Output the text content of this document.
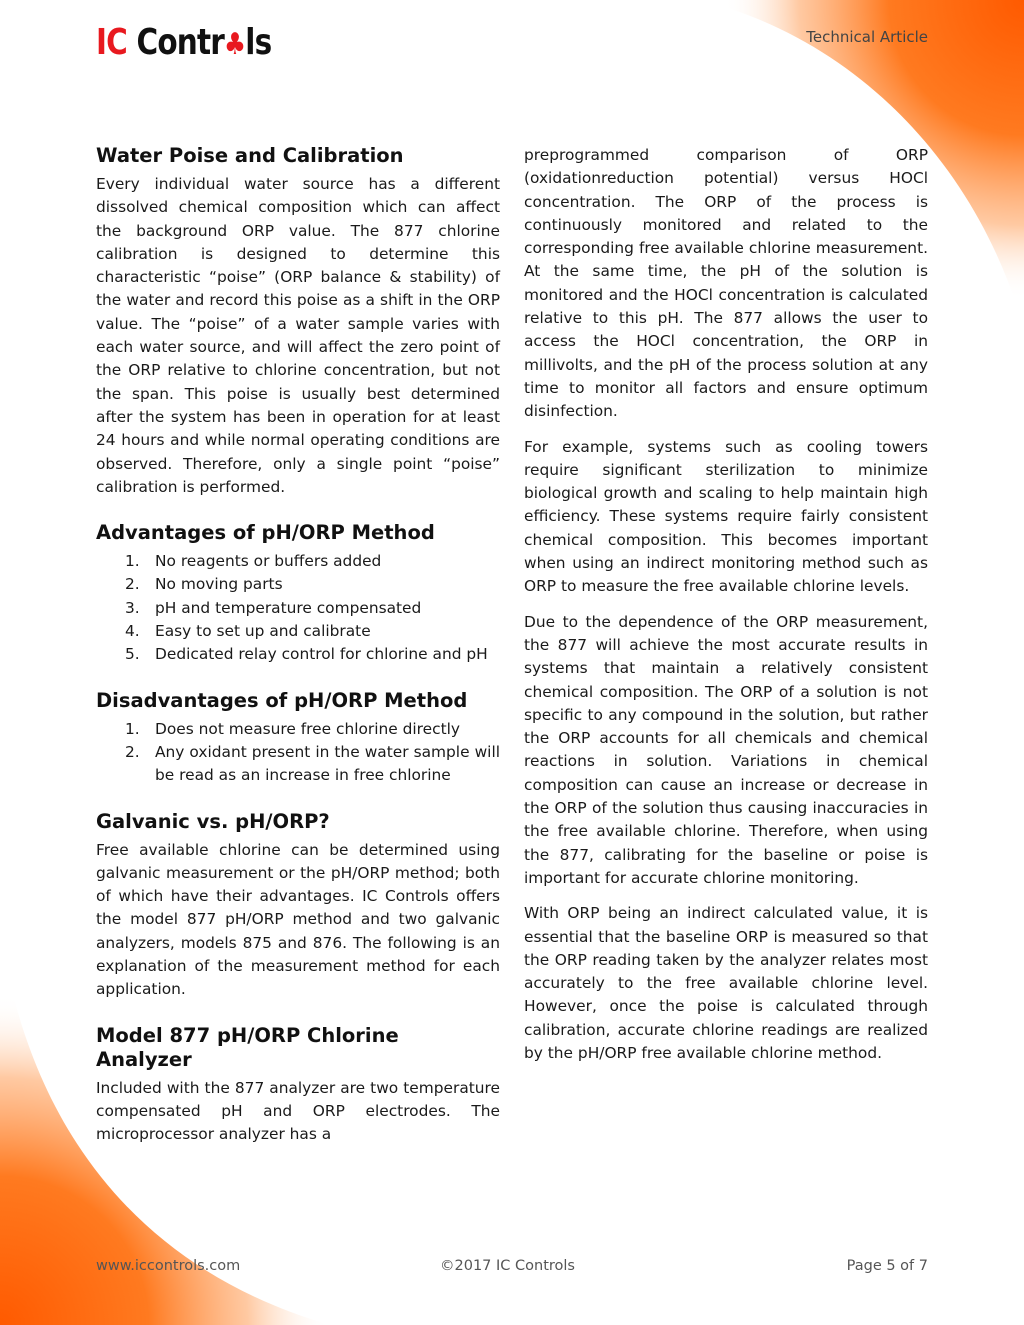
IC Contr♣ls	Technical Article
Water Poise and Calibration

Every individual water source has a different dissolved chemical composition which can affect the background ORP value. The 877 chlorine calibration is designed to determine this characteristic “poise” (ORP balance & stability) of the water and record this poise as a shift in the ORP value. The “poise” of a water sample varies with each water source, and will affect the zero point of the ORP relative to chlorine concentration, but not the span. This poise is usually best determined after the system has been in operation for at least 24 hours and while normal operating conditions are observed. Therefore, only a single point “poise” calibration is performed.

Advantages of pH/ORP Method
1. No reagents or buffers added
2. No moving parts
3. pH and temperature compensated
4. Easy to set up and calibrate
5. Dedicated relay control for chlorine and pH
Disadvantages of pH/ORP Method
1. Does not measure free chlorine directly
2. Any oxidant present in the water sample will be read as an increase in free chlorine
Galvanic vs. pH/ORP?

Free available chlorine can be determined using galvanic measurement or the pH/ORP method; both of which have their advantages. IC Controls offers the model 877 pH/ORP method and two galvanic analyzers, models 875 and 876. The following is an explanation of the measurement method for each application.

Model 877 pH/ORP Chlorine Analyzer

Included with the 877 analyzer are two temperature compensated pH and ORP electrodes. The microprocessor analyzer has a

preprogrammed comparison of ORP (oxidationreduction potential) versus HOCl concentration. The ORP of the process is continuously monitored and related to the corresponding free available chlorine measurement. At the same time, the pH of the solution is monitored and the HOCl concentration is calculated relative to this pH. The 877 allows the user to access the HOCl concentration, the ORP in millivolts, and the pH of the process solution at any time to monitor all factors and ensure optimum disinfection.

For example, systems such as cooling towers require significant sterilization to minimize biological growth and scaling to help maintain high efficiency. These systems require fairly consistent chemical composition. This becomes important when using an indirect monitoring method such as ORP to measure the free available chlorine levels.

Due to the dependence of the ORP measurement, the 877 will achieve the most accurate results in systems that maintain a relatively consistent chemical composition. The ORP of a solution is not specific to any compound in the solution, but rather the ORP accounts for all chemicals and chemical reactions in solution. Variations in chemical composition can cause an increase or decrease in the ORP of the solution thus causing inaccuracies in the free available chlorine. Therefore, when using the 877, calibrating for the baseline or poise is important for accurate chlorine monitoring.

With ORP being an indirect calculated value, it is essential that the baseline ORP is measured so that the ORP reading taken by the analyzer relates most accurately to the free available chlorine level. However, once the poise is calculated through calibration, accurate chlorine readings are realized by the pH/ORP free available chlorine method.

www.iccontrols.com	©2017 IC Controls	Page 5 of 7
